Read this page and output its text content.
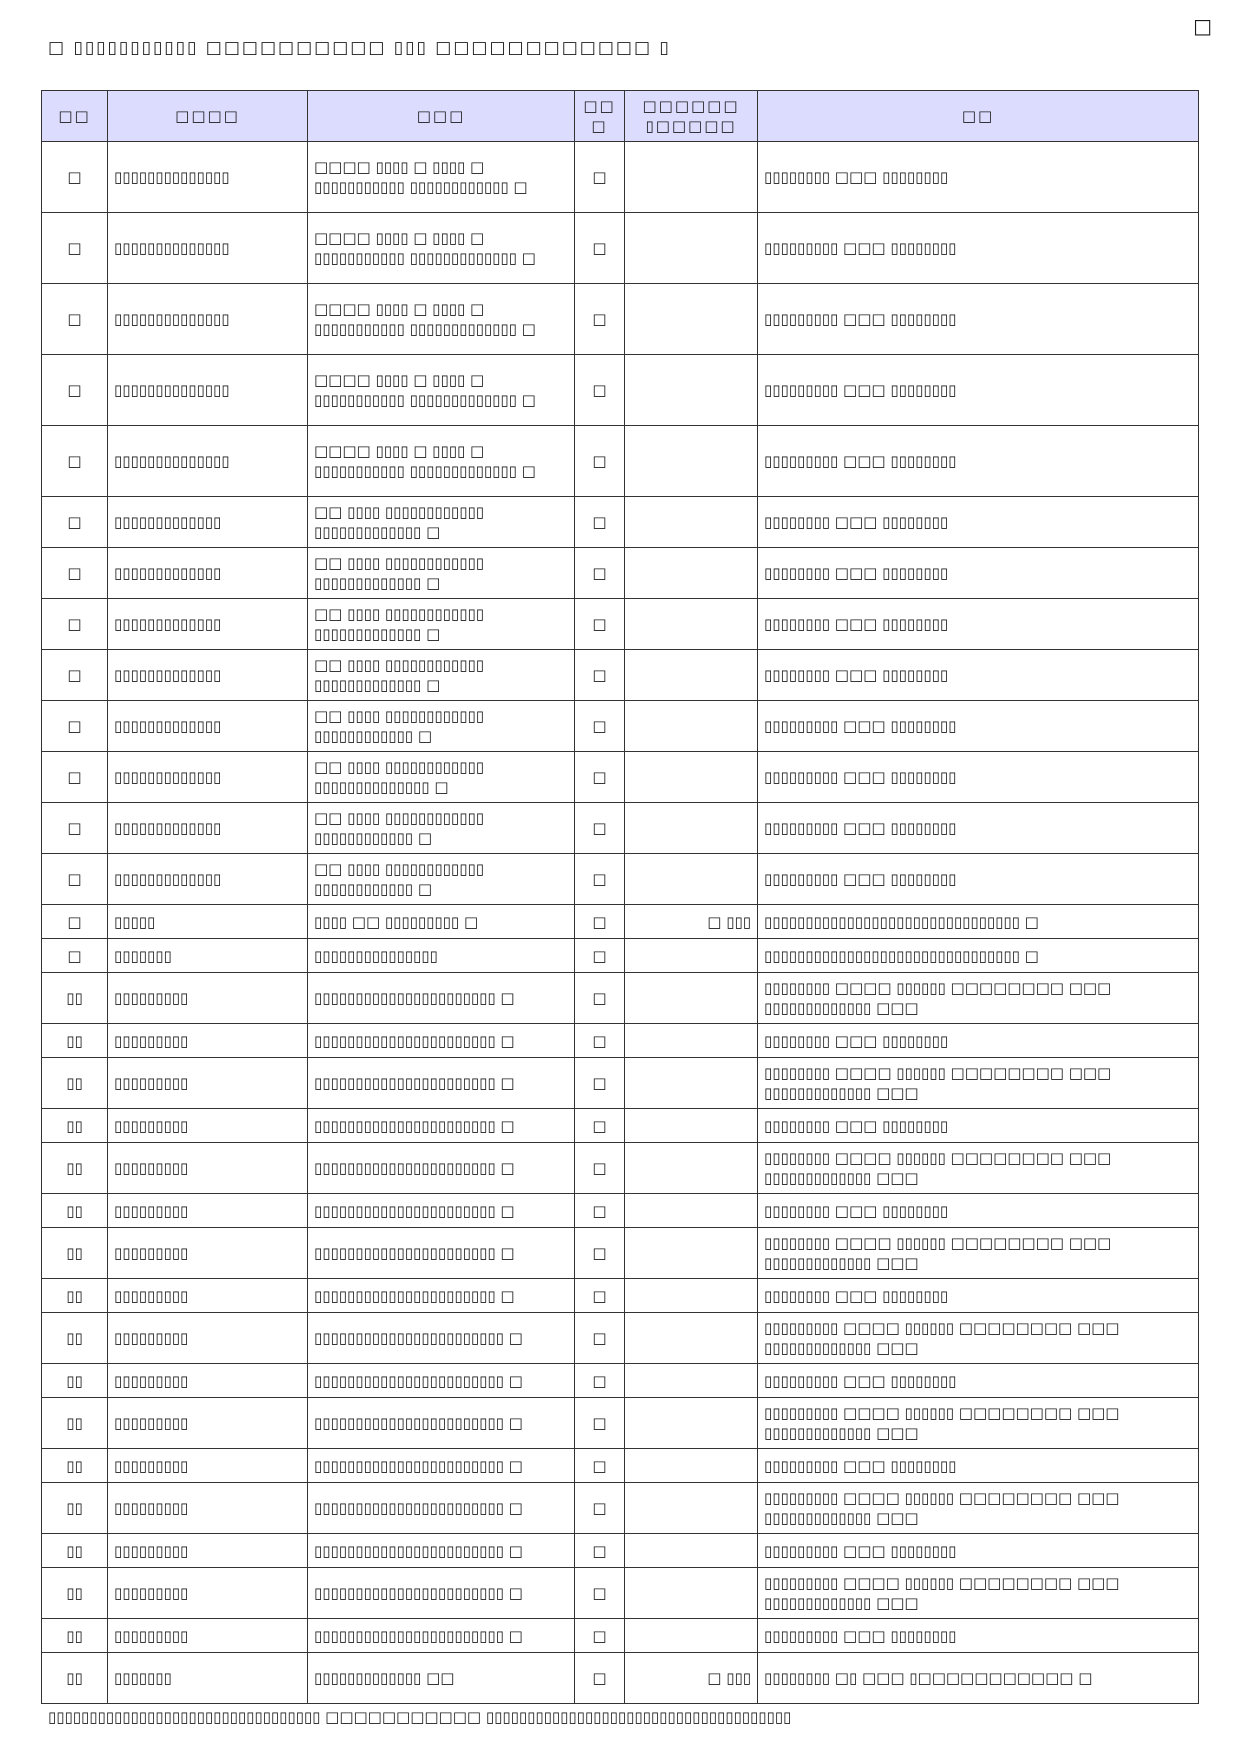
□
□ ▯▯▯▯▯▯▯▯▯▯▯ □□□□□□□□□□ ▯▯▯ □□□□□□□□□□□□ ▯
□□	□□□□	□□□	□□ □	□□□□□□ ▯□□□□□	□□
□	▯▯▯▯▯▯▯▯▯▯▯▯▯▯	□□□□ ▯▯▯▯ □ ▯▯▯▯ □ ▯▯▯▯▯▯▯▯▯▯▯ ▯▯▯▯▯▯▯▯▯▯▯▯ □	□		▯▯▯▯▯▯▯▯ □□□ ▯▯▯▯▯▯▯▯
□	▯▯▯▯▯▯▯▯▯▯▯▯▯▯	□□□□ ▯▯▯▯ □ ▯▯▯▯ □ ▯▯▯▯▯▯▯▯▯▯▯ ▯▯▯▯▯▯▯▯▯▯▯▯▯ □	□		▯▯▯▯▯▯▯▯▯ □□□ ▯▯▯▯▯▯▯▯
□	▯▯▯▯▯▯▯▯▯▯▯▯▯▯	□□□□ ▯▯▯▯ □ ▯▯▯▯ □ ▯▯▯▯▯▯▯▯▯▯▯ ▯▯▯▯▯▯▯▯▯▯▯▯▯ □	□		▯▯▯▯▯▯▯▯▯ □□□ ▯▯▯▯▯▯▯▯
□	▯▯▯▯▯▯▯▯▯▯▯▯▯▯	□□□□ ▯▯▯▯ □ ▯▯▯▯ □ ▯▯▯▯▯▯▯▯▯▯▯ ▯▯▯▯▯▯▯▯▯▯▯▯▯ □	□		▯▯▯▯▯▯▯▯▯ □□□ ▯▯▯▯▯▯▯▯
□	▯▯▯▯▯▯▯▯▯▯▯▯▯▯	□□□□ ▯▯▯▯ □ ▯▯▯▯ □ ▯▯▯▯▯▯▯▯▯▯▯ ▯▯▯▯▯▯▯▯▯▯▯▯▯ □	□		▯▯▯▯▯▯▯▯▯ □□□ ▯▯▯▯▯▯▯▯
□	▯▯▯▯▯▯▯▯▯▯▯▯▯	□□ ▯▯▯▯ ▯▯▯▯▯▯▯▯▯▯▯▯ ▯▯▯▯▯▯▯▯▯▯▯▯▯ □	□		▯▯▯▯▯▯▯▯ □□□ ▯▯▯▯▯▯▯▯
□	▯▯▯▯▯▯▯▯▯▯▯▯▯	□□ ▯▯▯▯ ▯▯▯▯▯▯▯▯▯▯▯▯ ▯▯▯▯▯▯▯▯▯▯▯▯▯ □	□		▯▯▯▯▯▯▯▯ □□□ ▯▯▯▯▯▯▯▯
□	▯▯▯▯▯▯▯▯▯▯▯▯▯	□□ ▯▯▯▯ ▯▯▯▯▯▯▯▯▯▯▯▯ ▯▯▯▯▯▯▯▯▯▯▯▯▯ □	□		▯▯▯▯▯▯▯▯ □□□ ▯▯▯▯▯▯▯▯
□	▯▯▯▯▯▯▯▯▯▯▯▯▯	□□ ▯▯▯▯ ▯▯▯▯▯▯▯▯▯▯▯▯ ▯▯▯▯▯▯▯▯▯▯▯▯▯ □	□		▯▯▯▯▯▯▯▯ □□□ ▯▯▯▯▯▯▯▯
□	▯▯▯▯▯▯▯▯▯▯▯▯▯	□□ ▯▯▯▯ ▯▯▯▯▯▯▯▯▯▯▯▯ ▯▯▯▯▯▯▯▯▯▯▯▯ □	□		▯▯▯▯▯▯▯▯▯ □□□ ▯▯▯▯▯▯▯▯
□	▯▯▯▯▯▯▯▯▯▯▯▯▯	□□ ▯▯▯▯ ▯▯▯▯▯▯▯▯▯▯▯▯ ▯▯▯▯▯▯▯▯▯▯▯▯▯▯ □	□		▯▯▯▯▯▯▯▯▯ □□□ ▯▯▯▯▯▯▯▯
□	▯▯▯▯▯▯▯▯▯▯▯▯▯	□□ ▯▯▯▯ ▯▯▯▯▯▯▯▯▯▯▯▯ ▯▯▯▯▯▯▯▯▯▯▯▯ □	□		▯▯▯▯▯▯▯▯▯ □□□ ▯▯▯▯▯▯▯▯
□	▯▯▯▯▯▯▯▯▯▯▯▯▯	□□ ▯▯▯▯ ▯▯▯▯▯▯▯▯▯▯▯▯ ▯▯▯▯▯▯▯▯▯▯▯▯ □	□		▯▯▯▯▯▯▯▯▯ □□□ ▯▯▯▯▯▯▯▯
□	▯▯▯▯▯	▯▯▯▯ □□ ▯▯▯▯▯▯▯▯▯ □	□	□ ▯▯▯	▯▯▯▯▯▯▯▯▯▯▯▯▯▯▯▯▯▯▯▯▯▯▯▯▯▯▯▯▯▯▯ □
□	▯▯▯▯▯▯▯	▯▯▯▯▯▯▯▯▯▯▯▯▯▯▯	□		▯▯▯▯▯▯▯▯▯▯▯▯▯▯▯▯▯▯▯▯▯▯▯▯▯▯▯▯▯▯▯ □
▯▯	▯▯▯▯▯▯▯▯▯	▯▯▯▯▯▯▯▯▯▯▯▯▯▯▯▯▯▯▯▯▯▯ □	□		▯▯▯▯▯▯▯▯ □□□□ ▯▯▯▯▯▯ □□□□□□□□ □□□ ▯▯▯▯▯▯▯▯▯▯▯▯▯ □□□
▯▯	▯▯▯▯▯▯▯▯▯	▯▯▯▯▯▯▯▯▯▯▯▯▯▯▯▯▯▯▯▯▯▯ □	□		▯▯▯▯▯▯▯▯ □□□ ▯▯▯▯▯▯▯▯
▯▯	▯▯▯▯▯▯▯▯▯	▯▯▯▯▯▯▯▯▯▯▯▯▯▯▯▯▯▯▯▯▯▯ □	□		▯▯▯▯▯▯▯▯ □□□□ ▯▯▯▯▯▯ □□□□□□□□ □□□ ▯▯▯▯▯▯▯▯▯▯▯▯▯ □□□
▯▯	▯▯▯▯▯▯▯▯▯	▯▯▯▯▯▯▯▯▯▯▯▯▯▯▯▯▯▯▯▯▯▯ □	□		▯▯▯▯▯▯▯▯ □□□ ▯▯▯▯▯▯▯▯
▯▯	▯▯▯▯▯▯▯▯▯	▯▯▯▯▯▯▯▯▯▯▯▯▯▯▯▯▯▯▯▯▯▯ □	□		▯▯▯▯▯▯▯▯ □□□□ ▯▯▯▯▯▯ □□□□□□□□ □□□ ▯▯▯▯▯▯▯▯▯▯▯▯▯ □□□
▯▯	▯▯▯▯▯▯▯▯▯	▯▯▯▯▯▯▯▯▯▯▯▯▯▯▯▯▯▯▯▯▯▯ □	□		▯▯▯▯▯▯▯▯ □□□ ▯▯▯▯▯▯▯▯
▯▯	▯▯▯▯▯▯▯▯▯	▯▯▯▯▯▯▯▯▯▯▯▯▯▯▯▯▯▯▯▯▯▯ □	□		▯▯▯▯▯▯▯▯ □□□□ ▯▯▯▯▯▯ □□□□□□□□ □□□ ▯▯▯▯▯▯▯▯▯▯▯▯▯ □□□
▯▯	▯▯▯▯▯▯▯▯▯	▯▯▯▯▯▯▯▯▯▯▯▯▯▯▯▯▯▯▯▯▯▯ □	□		▯▯▯▯▯▯▯▯ □□□ ▯▯▯▯▯▯▯▯
▯▯	▯▯▯▯▯▯▯▯▯	▯▯▯▯▯▯▯▯▯▯▯▯▯▯▯▯▯▯▯▯▯▯▯ □	□		▯▯▯▯▯▯▯▯▯ □□□□ ▯▯▯▯▯▯ □□□□□□□□ □□□ ▯▯▯▯▯▯▯▯▯▯▯▯▯ □□□
▯▯	▯▯▯▯▯▯▯▯▯	▯▯▯▯▯▯▯▯▯▯▯▯▯▯▯▯▯▯▯▯▯▯▯ □	□		▯▯▯▯▯▯▯▯▯ □□□ ▯▯▯▯▯▯▯▯
▯▯	▯▯▯▯▯▯▯▯▯	▯▯▯▯▯▯▯▯▯▯▯▯▯▯▯▯▯▯▯▯▯▯▯ □	□		▯▯▯▯▯▯▯▯▯ □□□□ ▯▯▯▯▯▯ □□□□□□□□ □□□ ▯▯▯▯▯▯▯▯▯▯▯▯▯ □□□
▯▯	▯▯▯▯▯▯▯▯▯	▯▯▯▯▯▯▯▯▯▯▯▯▯▯▯▯▯▯▯▯▯▯▯ □	□		▯▯▯▯▯▯▯▯▯ □□□ ▯▯▯▯▯▯▯▯
▯▯	▯▯▯▯▯▯▯▯▯	▯▯▯▯▯▯▯▯▯▯▯▯▯▯▯▯▯▯▯▯▯▯▯ □	□		▯▯▯▯▯▯▯▯▯ □□□□ ▯▯▯▯▯▯ □□□□□□□□ □□□ ▯▯▯▯▯▯▯▯▯▯▯▯▯ □□□
▯▯	▯▯▯▯▯▯▯▯▯	▯▯▯▯▯▯▯▯▯▯▯▯▯▯▯▯▯▯▯▯▯▯▯ □	□		▯▯▯▯▯▯▯▯▯ □□□ ▯▯▯▯▯▯▯▯
▯▯	▯▯▯▯▯▯▯▯▯	▯▯▯▯▯▯▯▯▯▯▯▯▯▯▯▯▯▯▯▯▯▯▯ □	□		▯▯▯▯▯▯▯▯▯ □□□□ ▯▯▯▯▯▯ □□□□□□□□ □□□ ▯▯▯▯▯▯▯▯▯▯▯▯▯ □□□
▯▯	▯▯▯▯▯▯▯▯▯	▯▯▯▯▯▯▯▯▯▯▯▯▯▯▯▯▯▯▯▯▯▯▯ □	□		▯▯▯▯▯▯▯▯▯ □□□ ▯▯▯▯▯▯▯▯
▯▯	▯▯▯▯▯▯▯	▯▯▯▯▯▯▯▯▯▯▯▯▯ □□	□	□ ▯▯▯	▯▯▯▯▯▯▯▯ □▯ □□□ ▯□□□□□□□□□□□ □
▯▯▯▯▯▯▯▯▯▯▯▯▯▯▯▯▯▯▯▯▯▯▯▯▯▯▯▯▯▯▯▯▯ □□□□□□□□□□□ ▯▯▯▯▯▯▯▯▯▯▯▯▯▯▯▯▯▯▯▯▯▯▯▯▯▯▯▯▯▯▯▯▯▯▯▯▯
